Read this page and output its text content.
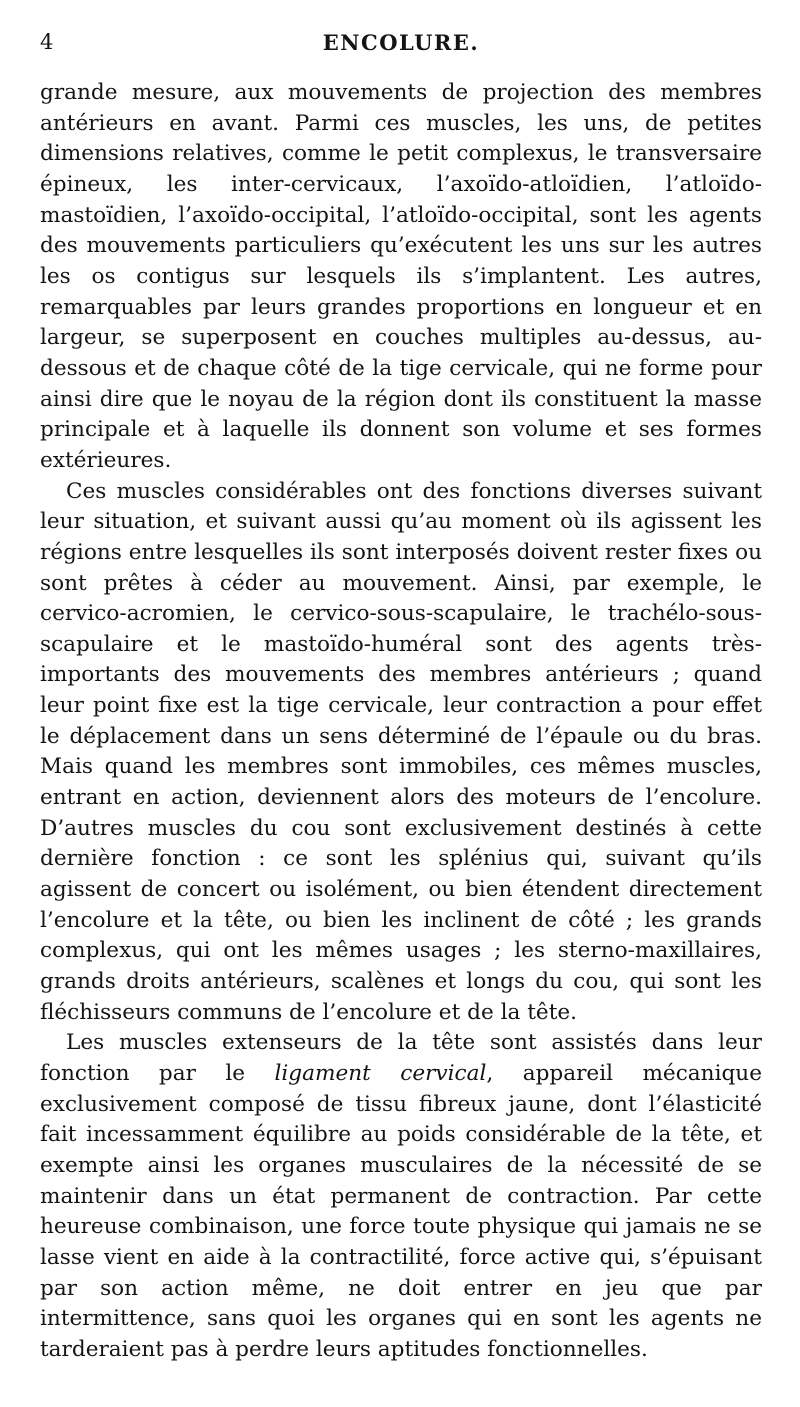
4	ENCOLURE.

grande mesure, aux mouvements de projection des membres antérieurs en avant. Parmi ces muscles, les uns, de petites dimensions relatives, comme le petit complexus, le transversaire épineux, les inter-cervicaux, l’axoïdo-atloïdien, l’atloïdo-mastoïdien, l’axoïdo-occipital, l’atloïdo-occipital, sont les agents des mouvements particuliers qu’exécutent les uns sur les autres les os contigus sur lesquels ils s’implantent. Les autres, remarquables par leurs grandes proportions en longueur et en largeur, se superposent en couches multiples au-dessus, au-dessous et de chaque côté de la tige cervicale, qui ne forme pour ainsi dire que le noyau de la région dont ils constituent la masse principale et à laquelle ils donnent son volume et ses formes extérieures.

Ces muscles considérables ont des fonctions diverses suivant leur situation, et suivant aussi qu’au moment où ils agissent les régions entre lesquelles ils sont interposés doivent rester fixes ou sont prêtes à céder au mouvement. Ainsi, par exemple, le cervico-acromien, le cervico-sous-scapulaire, le trachélo-sous-scapulaire et le mastoïdo-huméral sont des agents très-importants des mouvements des membres antérieurs ; quand leur point fixe est la tige cervicale, leur contraction a pour effet le déplacement dans un sens déterminé de l’épaule ou du bras. Mais quand les membres sont immobiles, ces mêmes muscles, entrant en action, deviennent alors des moteurs de l’encolure. D’autres muscles du cou sont exclusivement destinés à cette dernière fonction : ce sont les splénius qui, suivant qu’ils agissent de concert ou isolément, ou bien étendent directement l’encolure et la tête, ou bien les inclinent de côté ; les grands complexus, qui ont les mêmes usages ; les sterno-maxillaires, grands droits antérieurs, scalènes et longs du cou, qui sont les fléchisseurs communs de l’encolure et de la tête.

Les muscles extenseurs de la tête sont assistés dans leur fonction par le ligament cervical, appareil mécanique exclusivement composé de tissu fibreux jaune, dont l’élasticité fait incessamment équilibre au poids considérable de la tête, et exempte ainsi les organes musculaires de la nécessité de se maintenir dans un état permanent de contraction. Par cette heureuse combinaison, une force toute physique qui jamais ne se lasse vient en aide à la contractilité, force active qui, s’épuisant par son action même, ne doit entrer en jeu que par intermittence, sans quoi les organes qui en sont les agents ne tarderaient pas à perdre leurs aptitudes fonctionnelles.
